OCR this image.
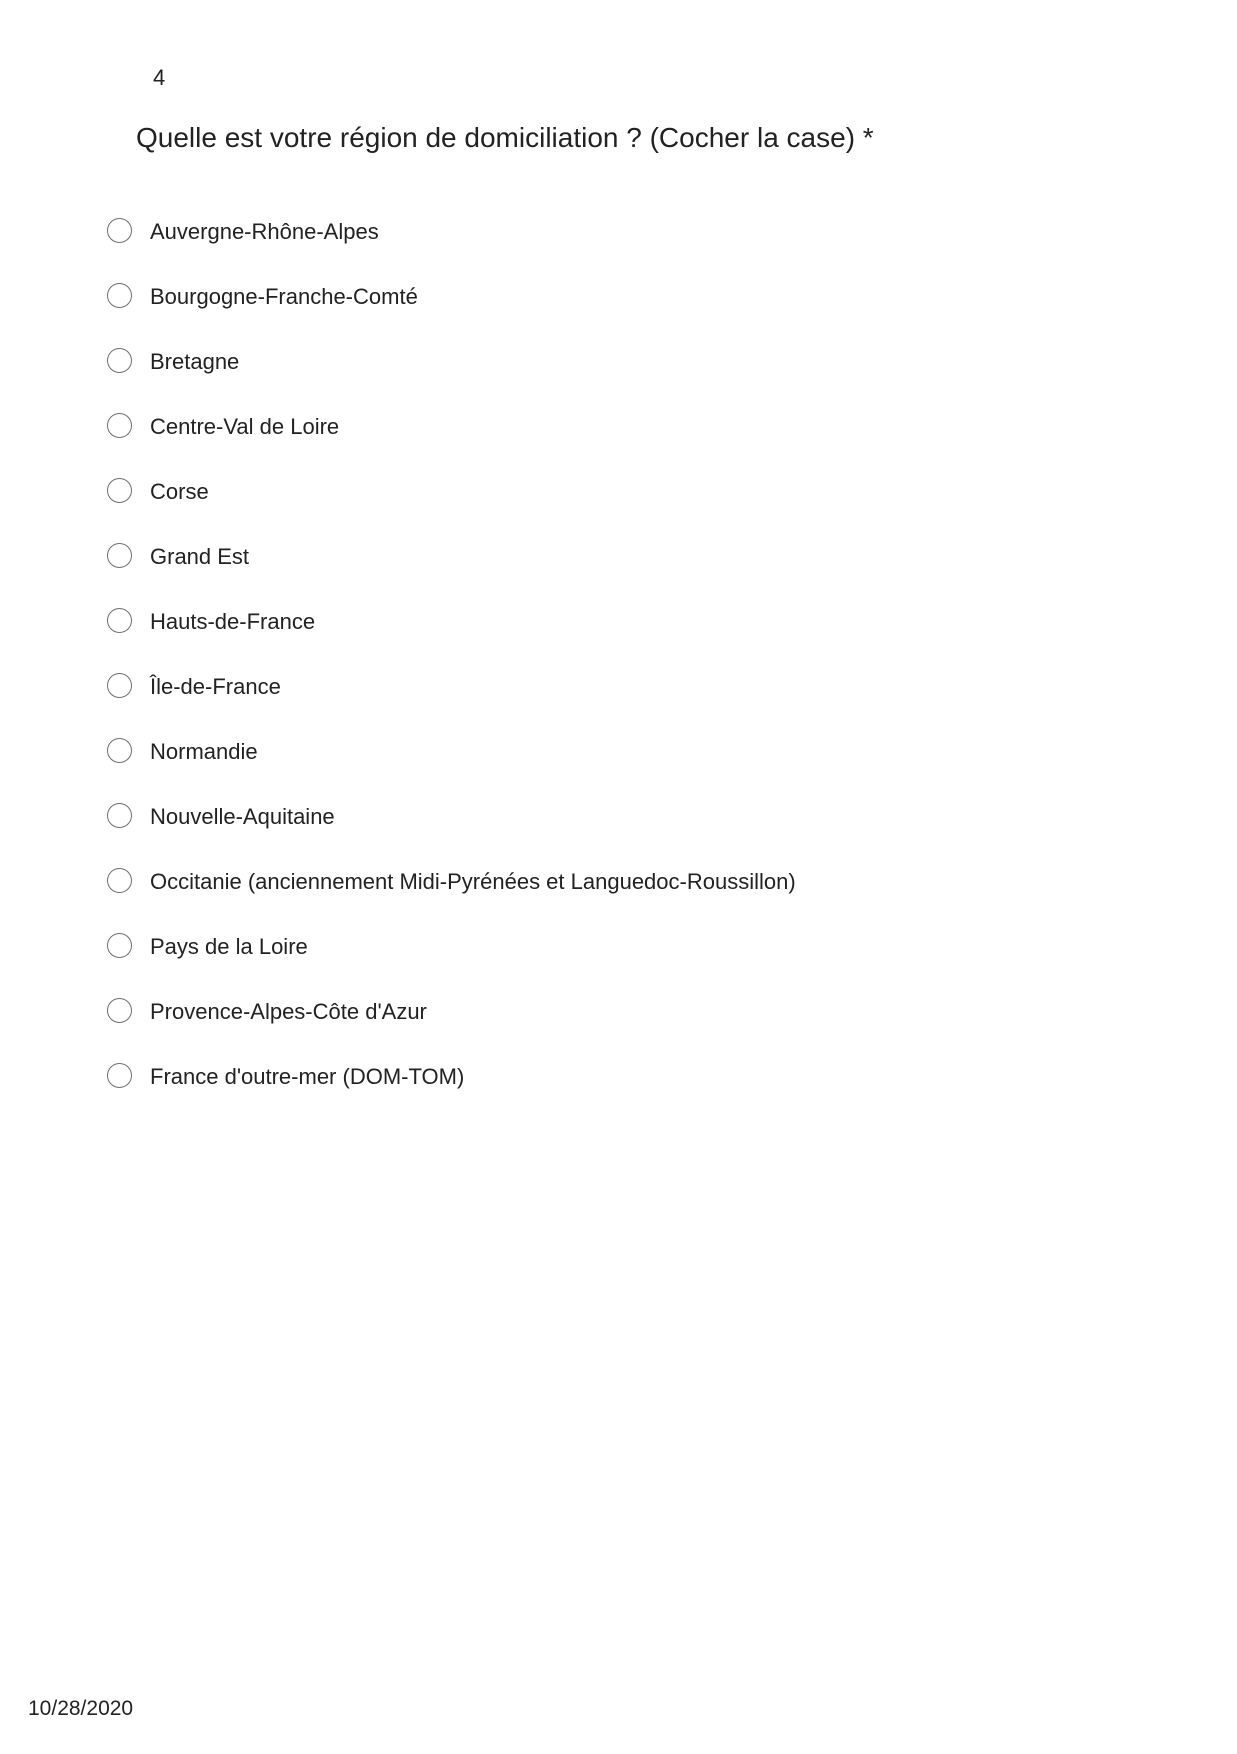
4
Quelle est votre région de domiciliation ? (Cocher la case) *
Auvergne-Rhône-Alpes
Bourgogne-Franche-Comté
Bretagne
Centre-Val de Loire
Corse
Grand Est
Hauts-de-France
Île-de-France
Normandie
Nouvelle-Aquitaine
Occitanie (anciennement Midi-Pyrénées et Languedoc-Roussillon)
Pays de la Loire
Provence-Alpes-Côte d'Azur
France d'outre-mer (DOM-TOM)
10/28/2020
